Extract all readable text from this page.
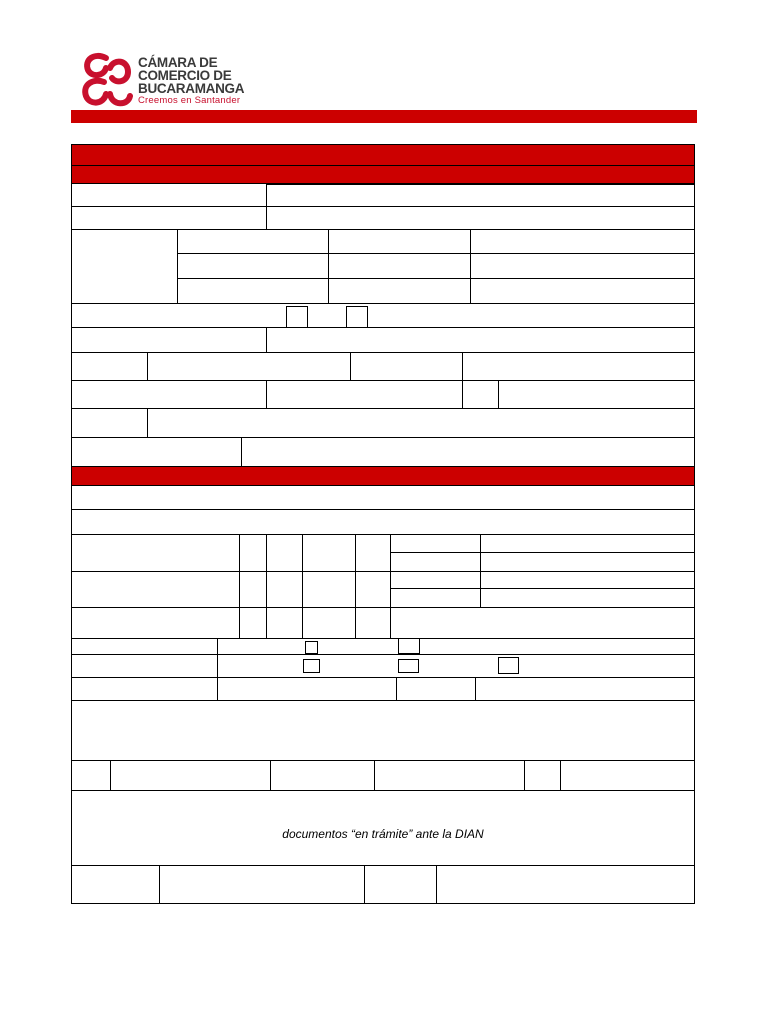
CÁMARA DE
COMERCIO DE
BUCARAMANGA
Creemos en Santander
documentos “en trámite” ante la DIAN
